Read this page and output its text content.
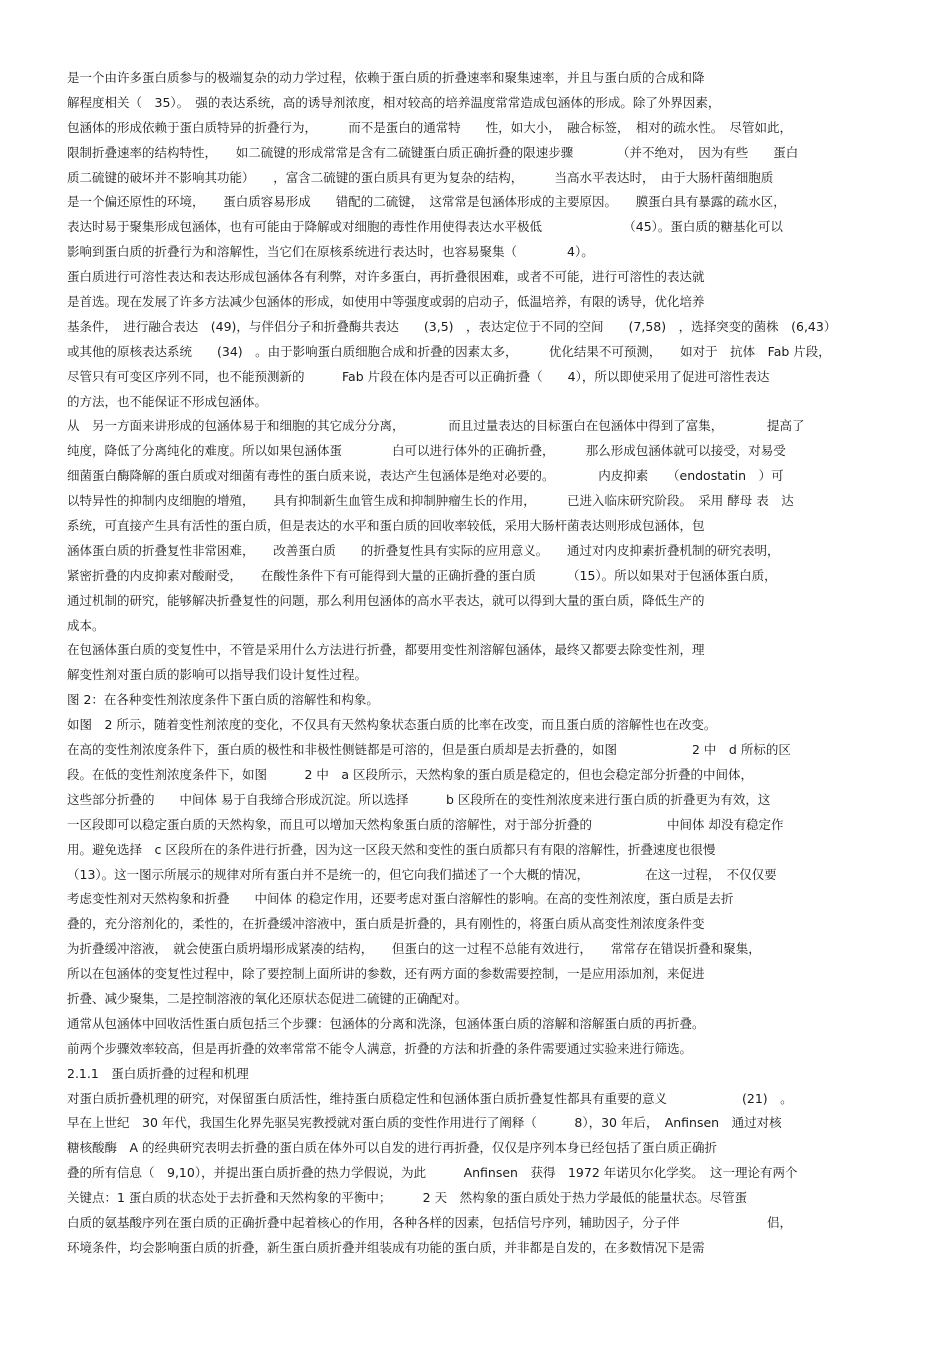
是一个由许多蛋白质参与的极端复杂的动力学过程，依赖于蛋白质的折叠速率和聚集速率，并且与蛋白质的合成和降
解程度相关（　35）。　强的表达系统，高的诱导剂浓度，相对较高的培养温度常常造成包涵体的形成。除了外界因素，
包涵体的形成依赖于蛋白质特异的折叠行为，　　　而不是蛋白的通常特　　性，如大小，　融合标签，　相对的疏水性。　尽管如此，
限制折叠速率的结构特性，　　如二硫键的形成常常是含有二硫键蛋白质正确折叠的限速步骤　　　　（并不绝对，　因为有些　　蛋白
质二硫键的破坏并不影响其功能）　　，富含二硫键的蛋白质具有更为复杂的结构，　　　当高水平表达时，　由于大肠杆菌细胞质
是一个偏还原性的环境，　　蛋白质容易形成　　错配的二硫键，　这常常是包涵体形成的主要原因。　　膜蛋白具有暴露的疏水区，
表达时易于聚集形成包涵体，也有可能由于降解或对细胞的毒性作用使得表达水平极低　　　　　　　（45）。蛋白质的糖基化可以
影响到蛋白质的折叠行为和溶解性，当它们在原核系统进行表达时，也容易聚集（　　　　4）。
蛋白质进行可溶性表达和表达形成包涵体各有利弊，对许多蛋白，再折叠很困难，或者不可能，进行可溶性的表达就
是首选。现在发展了许多方法减少包涵体的形成，如使用中等强度或弱的启动子，低温培养，有限的诱导，优化培养
基条件，　进行融合表达　(49)，与伴侣分子和折叠酶共表达　　(3,5)　，表达定位于不同的空间　　(7,58)　，选择突变的菌株　(6,43）
或其他的原核表达系统　　(34)　。由于影响蛋白质细胞合成和折叠的因素太多，　　　优化结果不可预测，　　如对于　抗体　Fab 片段，
尽管只有可变区序列不同，也不能预测新的　　　Fab 片段在体内是否可以正确折叠（　　4），所以即使采用了促进可溶性表达
的方法，也不能保证不形成包涵体。
从　另一方面来讲形成的包涵体易于和细胞的其它成分分离，　　　　而且过量表达的目标蛋白在包涵体中得到了富集，　　　　提高了
纯度，降低了分离纯化的难度。所以如果包涵体蛋　　　　白可以进行体外的正确折叠，　　　那么形成包涵体就可以接受，对易受
细菌蛋白酶降解的蛋白质或对细菌有毒性的蛋白质来说，表达产生包涵体是绝对必要的。　　　　内皮抑素　　（endostatin　）可
以特异性的抑制内皮细胞的增殖，　　具有抑制新生血管生成和抑制肿瘤生长的作用，　　　已进入临床研究阶段。　采用 酵母 表　达
系统，可直接产生具有活性的蛋白质，但是表达的水平和蛋白质的回收率较低，采用大肠杆菌表达则形成包涵体，包
涵体蛋白质的折叠复性非常困难，　　改善蛋白质　　的折叠复性具有实际的应用意义。　　通过对内皮抑素折叠机制的研究表明，
紧密折叠的内皮抑素对酸耐受，　　在酸性条件下有可能得到大量的正确折叠的蛋白质　　　（15）。所以如果对于包涵体蛋白质，
通过机制的研究，能够解决折叠复性的问题，那么利用包涵体的高水平表达，就可以得到大量的蛋白质，降低生产的
成本。
在包涵体蛋白质的变复性中，不管是采用什么方法进行折叠，都要用变性剂溶解包涵体，最终又都要去除变性剂，理
解变性剂对蛋白质的影响可以指导我们设计复性过程。
图 2：在各种变性剂浓度条件下蛋白质的溶解性和构象。
如图　2 所示，随着变性剂浓度的变化，不仅具有天然构象状态蛋白质的比率在改变，而且蛋白质的溶解性也在改变。
在高的变性剂浓度条件下，蛋白质的极性和非极性侧链都是可溶的，但是蛋白质却是去折叠的，如图　　　　　　2 中　d 所标的区
段。在低的变性剂浓度条件下，如图　　　2 中　a 区段所示，天然构象的蛋白质是稳定的，但也会稳定部分折叠的中间体，
这些部分折叠的　　中间体 易于自我缔合形成沉淀。所以选择　　　b 区段所在的变性剂浓度来进行蛋白质的折叠更为有效，这
一区段即可以稳定蛋白质的天然构象，而且可以增加天然构象蛋白质的溶解性，对于部分折叠的　　　　　　中间体 却没有稳定作
用。避免选择　c 区段所在的条件进行折叠，因为这一区段天然和变性的蛋白质都只有有限的溶解性，折叠速度也很慢
（13）。这一图示所展示的规律对所有蛋白并不是统一的，但它向我们描述了一个大概的情况，　　　　　在这一过程，　不仅仅要
考虑变性剂对天然构象和折叠　　中间体 的稳定作用，还要考虑对蛋白溶解性的影响。在高的变性剂浓度，蛋白质是去折
叠的，充分溶剂化的，柔性的，在折叠缓冲溶液中，蛋白质是折叠的，具有刚性的，将蛋白质从高变性剂浓度条件变
为折叠缓冲溶液，　就会使蛋白质坍塌形成紧凑的结构，　　但蛋白的这一过程不总能有效进行，　　常常存在错误折叠和聚集，
所以在包涵体的变复性过程中，除了要控制上面所讲的参数，还有两方面的参数需要控制，一是应用添加剂，来促进
折叠、减少聚集，二是控制溶液的氧化还原状态促进二硫键的正确配对。
通常从包涵体中回收活性蛋白质包括三个步骤：包涵体的分离和洗涤，包涵体蛋白质的溶解和溶解蛋白质的再折叠。
前两个步骤效率较高，但是再折叠的效率常常不能令人满意，折叠的方法和折叠的条件需要通过实验来进行筛选。
2.1.1　蛋白质折叠的过程和机理
对蛋白质折叠机理的研究，对保留蛋白质活性，维持蛋白质稳定性和包涵体蛋白质折叠复性都具有重要的意义　　　　　　(21)　。
早在上世纪　30 年代，我国生化界先驱吴宪教授就对蛋白质的变性作用进行了阐释（　　　8），30 年后，　Anfinsen　通过对核
糖核酸酶　A 的经典研究表明去折叠的蛋白质在体外可以自发的进行再折叠，仅仅是序列本身已经包括了蛋白质正确折
叠的所有信息（　9,10），并提出蛋白质折叠的热力学假说，为此　　　Anfinsen　获得　1972 年诺贝尔化学奖。　这一理论有两个
关键点：1 蛋白质的状态处于去折叠和天然构象的平衡中；　　　2 天　然构象的蛋白质处于热力学最低的能量状态。尽管蛋
白质的氨基酸序列在蛋白质的正确折叠中起着核心的作用，各种各样的因素，包括信号序列，辅助因子，分子伴　　　　　　　侣，
环境条件，均会影响蛋白质的折叠，新生蛋白质折叠并组装成有功能的蛋白质，并非都是自发的，在多数情况下是需
